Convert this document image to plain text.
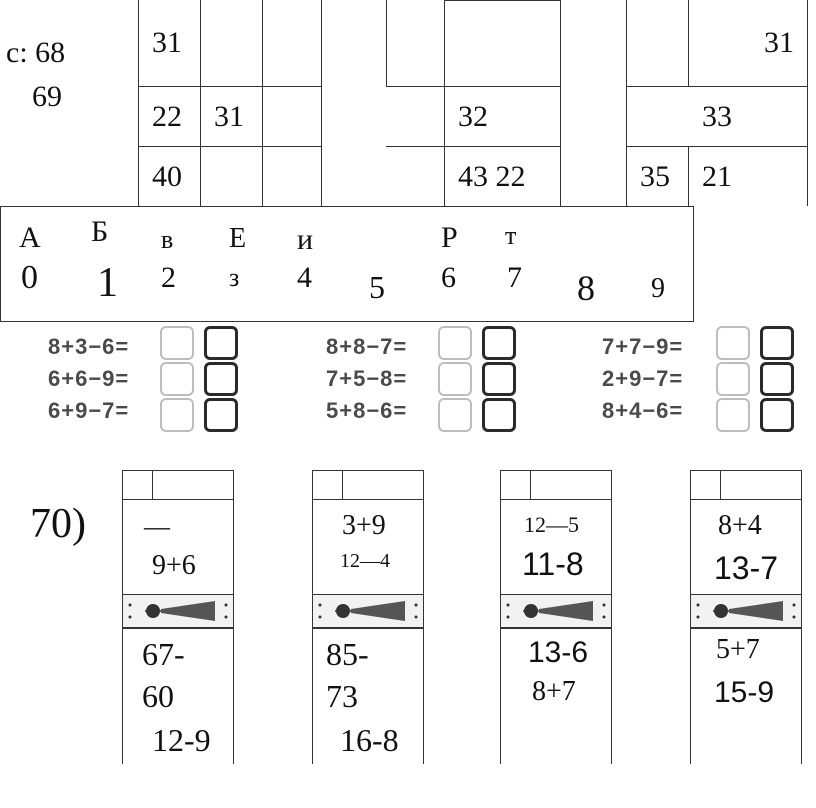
с: 68
69
31
22 31
40
32
43 22
31
33
35 21
А
0
Б
1
в
2
Е
з
и
4 5
Р
6
т
7 8 9
8+3−6=
6+6−9=
6+9−7=
8+8−7=
7+5−8=
5+8−6=
7+7−9=
2+9−7=
8+4−6=
70) —
9+6
67-
60
12-9
3+9
12—4
85-
73
16-8
12—5
11-8
13-6
8+7
8+4
13-7
5+7
15-9
